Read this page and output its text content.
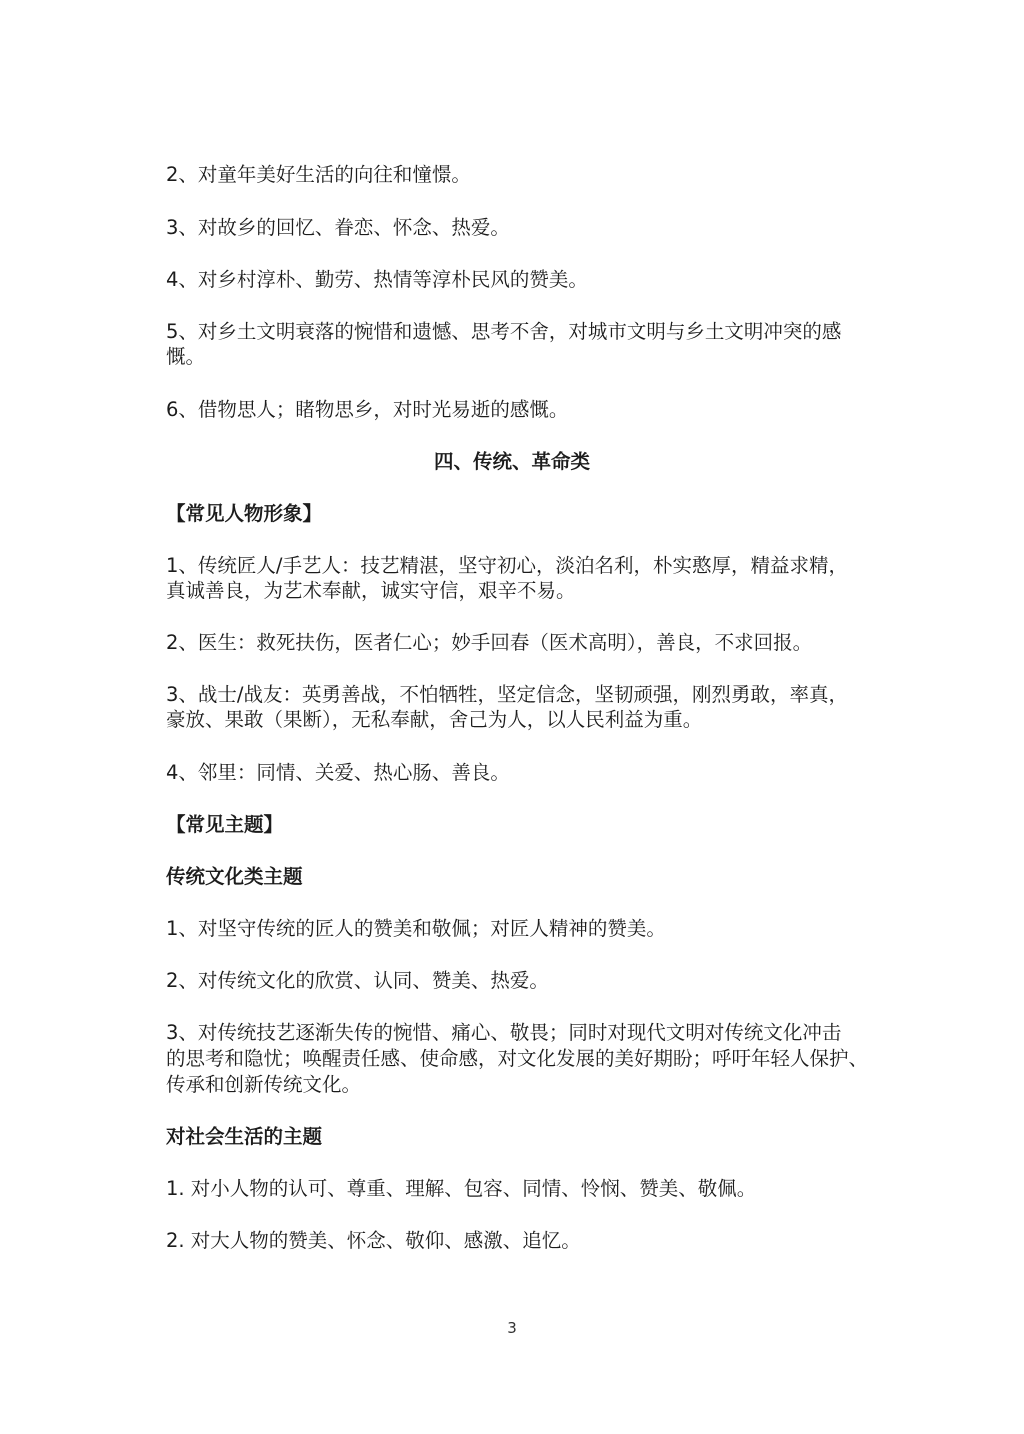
2、对童年美好生活的向往和憧憬。
3、对故乡的回忆、眷恋、怀念、热爱。
4、对乡村淳朴、勤劳、热情等淳朴民风的赞美。
5、对乡土文明衰落的惋惜和遗憾、思考不舍，对城市文明与乡土文明冲突的感
慨。
6、借物思人；睹物思乡，对时光易逝的感慨。
四、传统、革命类
【常见人物形象】
1、传统匠人/手艺人：技艺精湛，坚守初心，淡泊名利，朴实憨厚，精益求精，
真诚善良，为艺术奉献，诚实守信，艰辛不易。
2、医生：救死扶伤，医者仁心；妙手回春（医术高明），善良，不求回报。
3、战士/战友：英勇善战，不怕牺牲，坚定信念，坚韧顽强，刚烈勇敢，率真，
豪放、果敢（果断），无私奉献，舍己为人，以人民利益为重。
4、邻里：同情、关爱、热心肠、善良。
【常见主题】
传统文化类主题
1、对坚守传统的匠人的赞美和敬佩；对匠人精神的赞美。
2、对传统文化的欣赏、认同、赞美、热爱。
3、对传统技艺逐渐失传的惋惜、痛心、敬畏；同时对现代文明对传统文化冲击
的思考和隐忧；唤醒责任感、使命感，对文化发展的美好期盼；呼吁年轻人保护、
传承和创新传统文化。
对社会生活的主题
1. 对小人物的认可、尊重、理解、包容、同情、怜悯、赞美、敬佩。
2. 对大人物的赞美、怀念、敬仰、感激、追忆。
3
